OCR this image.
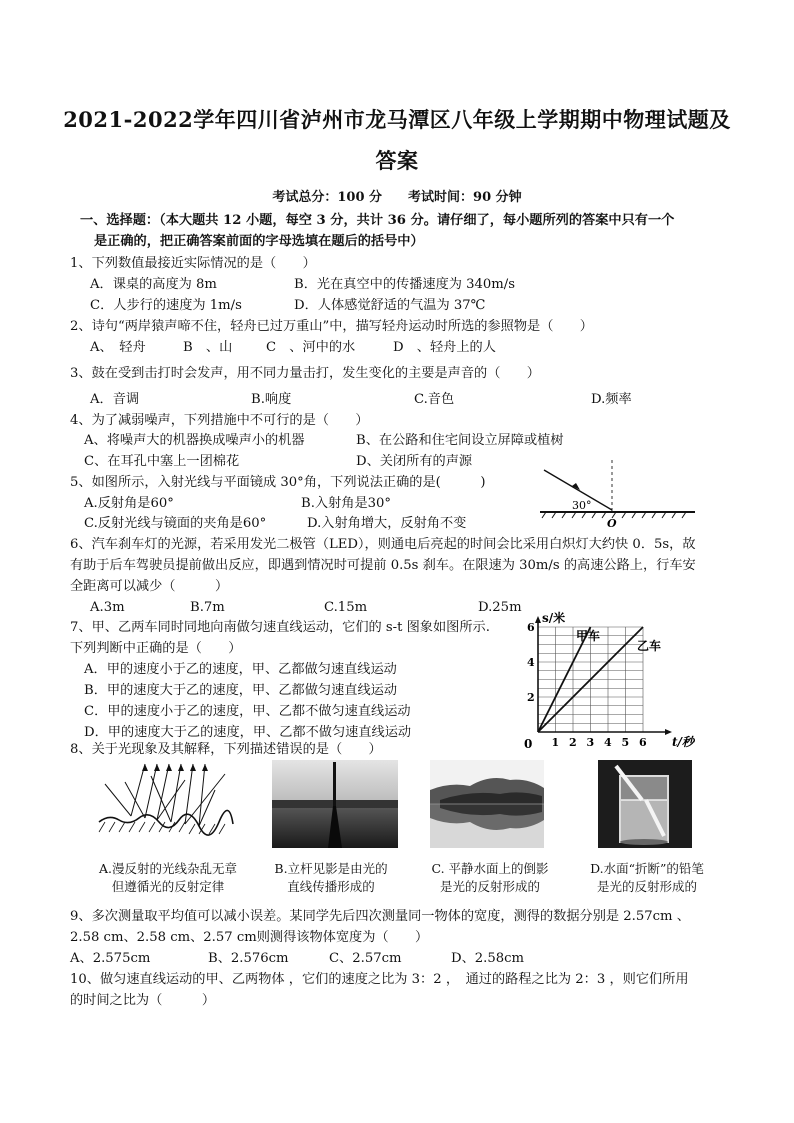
2021-2022学年四川省泸州市龙马潭区八年级上学期期中物理试题及
答案
考试总分：100 分　　考试时间：90 分钟
一、选择题：（本大题共 12 小题，每空 3 分，共计 36 分。请仔细了，每小题所列的答案中只有一个
是正确的，把正确答案前面的字母选填在题后的括号中）
1、下列数值最接近实际情况的是（　　）
A．课桌的高度为 8m	B．光在真空中的传播速度为 340m/s
C．人步行的速度为 1m/s	D．人体感觉舒适的气温为 37℃
2、诗句“两岸猿声啼不住，轻舟已过万重山”中，描写轻舟运动时所选的参照物是（　　）
A、　轻舟	B　、山	C　、河中的水	D　、轻舟上的人
3、鼓在受到击打时会发声，用不同力量击打，发生变化的主要是声音的（　　）
A．音调	B.响度	C.音色	D.频率
4、为了减弱噪声，下列措施中不可行的是（　　）
A、将噪声大的机器换成噪声小的机器	B、在公路和住宅间设立屏障或植树
C、在耳孔中塞上一团棉花	D、关闭所有的声源
5、如图所示，入射光线与平面镜成 30°角，下列说法正确的是(　　　)
A.反射角是60°	B.入射角是30°
C.反射光线与镜面的夹角是60°	D.入射角增大，反射角不变
30°
O
6、汽车刹车灯的光源，若采用发光二极管（LED），则通电后亮起的时间会比采用白炽灯大约快 0．5s，故
有助于后车驾驶员提前做出反应，即遇到情况时可提前 0.5s 刹车。在限速为 30m/s 的高速公路上，行车安
全距离可以减少（　　　）
A.3m	B.7m	C.15m	D.25m
7、甲、乙两车同时同地向南做匀速直线运动，它们的 s-t 图象如图所示.
下列判断中正确的是（　　）
A．甲的速度小于乙的速度，甲、乙都做匀速直线运动
B．甲的速度大于乙的速度，甲、乙都做匀速直线运动
C．甲的速度小于乙的速度，甲、乙都不做匀速直线运动
D．甲的速度大于乙的速度，甲、乙都不做匀速直线运动
0 1 2 3 4 5 6
2
4
6
s/米
t/秒
甲车
乙车
8、关于光现象及其解释，下列描述错误的是（　　）
A.漫反射的光线杂乱无章
但遵循光的反射定律
B.立杆见影是由光的
直线传播形成的
C. 平静水面上的倒影
是光的反射形成的
D.水面“折断”的铅笔
是光的反射形成的
9、多次测量取平均值可以减小误差。某同学先后四次测量同一物体的宽度，测得的数据分别是 2.57cm 、
2.58 cm、2.58 cm、2.57 cm则测得该物体宽度为（　　）
A、2.575cm	B、2.576cm	C、2.57cm	D、2.58cm
10、做匀速直线运动的甲、乙两物体 ，它们的速度之比为 3：2 ，　通过的路程之比为 2：3 ，则它们所用
的时间之比为（　　　）
